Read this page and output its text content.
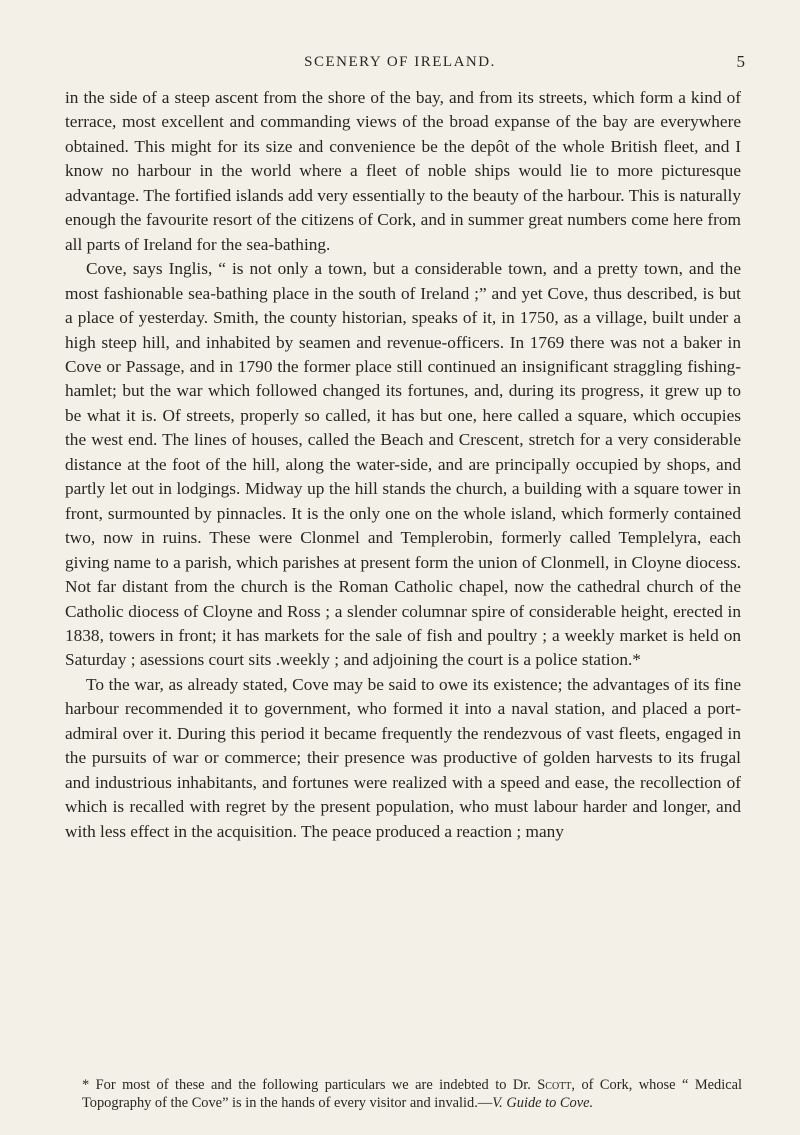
SCENERY OF IRELAND.	5

in the side of a steep ascent from the shore of the bay, and from its streets, which form a kind of terrace, most excellent and commanding views of the broad expanse of the bay are everywhere obtained. This might for its size and convenience be the depôt of the whole British fleet, and I know no harbour in the world where a fleet of noble ships would lie to more picturesque advantage. The fortified islands add very essentially to the beauty of the harbour. This is naturally enough the favourite resort of the citizens of Cork, and in summer great numbers come here from all parts of Ireland for the sea-bathing.

Cove, says Inglis, “ is not only a town, but a considerable town, and a pretty town, and the most fashionable sea-bathing place in the south of Ireland ;” and yet Cove, thus described, is but a place of yesterday. Smith, the county historian, speaks of it, in 1750, as a village, built under a high steep hill, and inhabited by seamen and revenue-officers. In 1769 there was not a baker in Cove or Passage, and in 1790 the former place still continued an insignificant straggling fishing-hamlet; but the war which followed changed its fortunes, and, during its progress, it grew up to be what it is. Of streets, properly so called, it has but one, here called a square, which occupies the west end. The lines of houses, called the Beach and Crescent, stretch for a very considerable distance at the foot of the hill, along the water-side, and are principally occupied by shops, and partly let out in lodgings. Midway up the hill stands the church, a building with a square tower in front, surmounted by pinnacles. It is the only one on the whole island, which formerly contained two, now in ruins. These were Clonmel and Templerobin, formerly called Templelyra, each giving name to a parish, which parishes at present form the union of Clonmell, in Cloyne diocess. Not far distant from the church is the Roman Catholic chapel, now the cathedral church of the Catholic diocess of Cloyne and Ross ; a slender columnar spire of considerable height, erected in 1838, towers in front; it has markets for the sale of fish and poultry ; a weekly market is held on Saturday ; asessions court sits .weekly ; and adjoining the court is a police station.*

To the war, as already stated, Cove may be said to owe its existence; the advantages of its fine harbour recommended it to government, who formed it into a naval station, and placed a port-admiral over it. During this period it became frequently the rendezvous of vast fleets, engaged in the pursuits of war or commerce; their presence was productive of golden harvests to its frugal and industrious inhabitants, and fortunes were realized with a speed and ease, the recollection of which is recalled with regret by the present population, who must labour harder and longer, and with less effect in the acquisition. The peace produced a reaction ; many

* For most of these and the following particulars we are indebted to Dr. Scott, of Cork, whose “ Medical Topography of the Cove” is in the hands of every visitor and invalid.—V. Guide to Cove.
